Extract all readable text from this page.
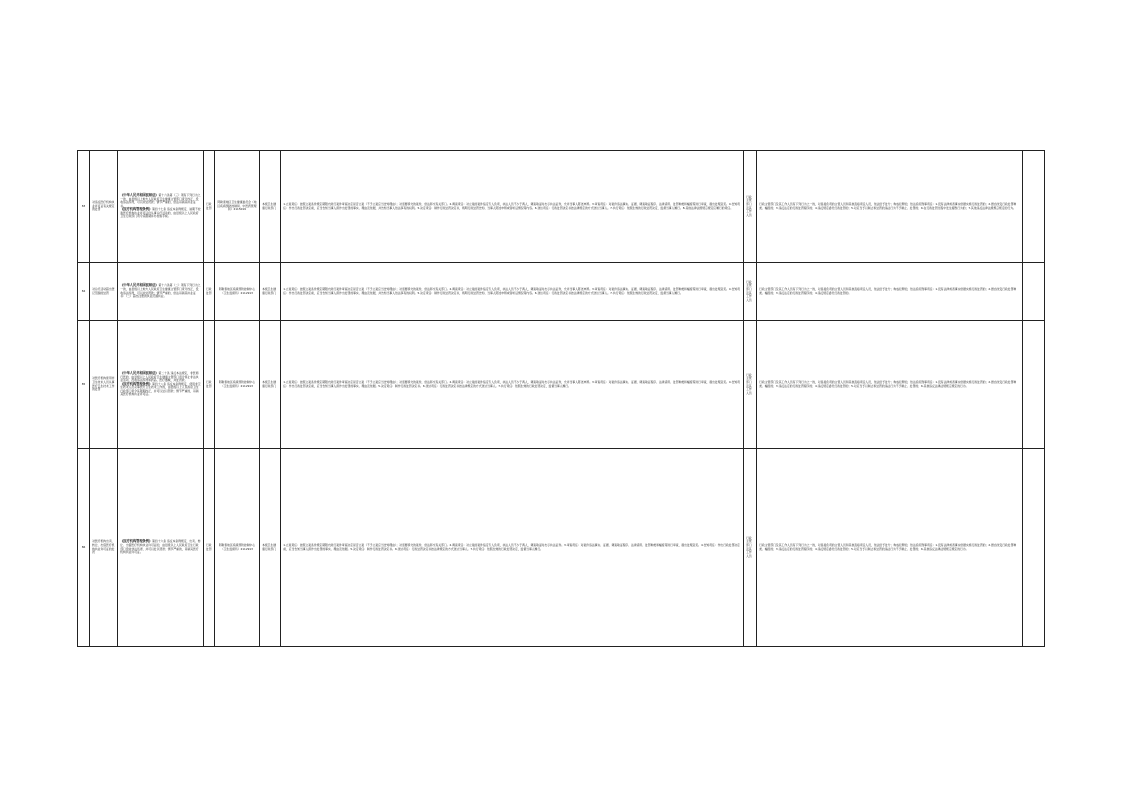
83	对违反医疗机构执业许可证有关规定的处罚	《中华人民共和国医师法》第十六条第（三）项有下列行为之一的，由县级以上地方人民政府卫生健康主管部门责令改正，没收违法所得，可以并处罚款；情节严重的，依法吊销其执业证书。

《医疗机构管理条例》第四十七条 违反本条例规定，逾期不校验医疗机构执业许可证仍从事诊疗活动的，由县级以上人民政府卫生行政部门责令其限期补办校验手续。	行政处罚	阿勒泰地区卫生健康委员会（地区疾病预防控制局、中医药管理局）2115019	本级卫生健康行政部门	1.立案责任：按照立案条件规定期限内进行案件审查决定是否立案（不予立案应当告知理由）；对需要移交的案件，依法移交有关部门。2.调查责任：对立案的案件指定专人负责，执法人员不少于两人，调查取证时出示执法证件，允许当事人陈述申辩。3.审查责任：对案件违法事实、证据、调查取证程序、法律适用、处罚种类和幅度等进行审查，提出处理意见。4.告知责任：作出行政处罚决定前，应当告知当事人拟作出处罚的事实、理由及依据，并告知当事人依法享有的权利。5.决定责任：制作行政处罚决定书，载明行政处罚告知、当事人陈述申辩或者听证情况等内容。6.送达责任：行政处罚决定书按法律规定的方式送达当事人。7.执行责任：依照生效的行政处罚决定，监督当事人履行。8.其他法律法规规章规定应履行的责任。	行政主管部门及其工作人员	行政主管部门及其工作人员有下列行为之一的，对直接负责的主管人员和其他直接责任人员，依法给予处分；构成犯罪的，依法追究刑事责任：1.没有法律或者事实依据实施行政处罚的；2.擅自改变行政处罚种类、幅度的；3.违反法定的行政处罚程序的；4.违反规定委托行政处罚的；5.对应当予以制止和处罚的违法行为不予制止、处罚的；6.在行政处罚过程中发生腐败行为的；7.其他违反法律法规规章规定的行为。	
84	对诊疗活动超出登记范围的处罚	《中华人民共和国医师法》第十六条第（二）项有下列行为之一的，由县级以上地方人民政府卫生健康主管部门责令改正，没收违法所得，可以并处罚款；情节严重的，依法吊销其执业证书：（二）超出注册的执业范围执业。	行政处罚	阿勒泰地区疾病预防控制中心（卫生监督所）2112913	本级卫生健康行政部门	1.立案责任：按照立案条件规定期限内进行案件审查决定是否立案（不予立案应当告知理由）；对需要移交的案件，依法移交有关部门。2.调查责任：对立案的案件指定专人负责，执法人员不少于两人，调查取证时出示执法证件，允许当事人陈述申辩。3.审查责任：对案件违法事实、证据、调查取证程序、法律适用、处罚种类和幅度等进行审查，提出处理意见。4.告知责任：作出行政处罚决定前，应当告知当事人拟作出处罚的事实、理由及依据，并告知当事人依法享有的权利。5.决定责任：制作行政处罚决定书，载明行政处罚告知、当事人陈述申辩或者听证情况等内容。6.送达责任：行政处罚决定书按法律规定的方式送达当事人。7.执行责任：依照生效的行政处罚决定，监督当事人履行。	行政主管部门及其工作人员	行政主管部门及其工作人员有下列行为之一的，对直接负责的主管人员和其他直接责任人员，依法给予处分；构成犯罪的，依法追究刑事责任：1.没有法律或者事实依据实施行政处罚的；2.擅自改变行政处罚种类、幅度的；3.违反法定的行政处罚程序的；4.违反规定委托行政处罚的。	
85	对医疗机构使用非卫生技术人员从事医疗卫生技术工作的处罚	《中华人民共和国医师法》第二十条 违反本法规定，非医师行医的，由县级以上人民政府卫生健康主管部门责令停止非法执业活动，没收违法所得和药品、医疗器械，并处罚款。

《医疗机构管理条例》第四十八条 违反本条例规定，使用非卫生技术人员从事医疗卫生技术工作的，由县级以上人民政府卫生行政部门责令其限期改正，并可以处以罚款；情节严重的，吊销其医疗机构执业许可证。	行政处罚	阿勒泰地区疾病预防控制中心（卫生监督所）2112913	本级卫生健康行政部门	1.立案责任：按照立案条件规定期限内进行案件审查决定是否立案（不予立案应当告知理由）；对需要移交的案件，依法移交有关部门。2.调查责任：对立案的案件指定专人负责，执法人员不少于两人，调查取证时出示执法证件，允许当事人陈述申辩。3.审查责任：对案件违法事实、证据、调查取证程序、法律适用、处罚种类和幅度等进行审查，提出处理意见。4.告知责任：作出行政处罚决定前，应当告知当事人拟作出处罚的事实、理由及依据。5.决定责任：制作行政处罚决定书。6.送达责任：行政处罚决定书按法律规定的方式送达当事人。7.执行责任：依照生效的行政处罚决定，监督当事人履行。	行政主管部门及其工作人员	行政主管部门及其工作人员有下列行为之一的，对直接负责的主管人员和其他直接责任人员，依法给予处分；构成犯罪的，依法追究刑事责任：1.没有法律或者事实依据实施行政处罚的；2.擅自改变行政处罚种类、幅度的；3.违反法定的行政处罚程序的；4.违反规定委托行政处罚的；5.对应当予以制止和处罚的违法行为不予制止、处罚的；6.其他违反法律法规规章规定的行为。	
86	对医疗机构出卖、转让、出借医疗机构执业许可证的处罚	《医疗机构管理条例》第四十六条 违反本条例规定，出卖、转让、出借医疗机构执业许可证的，由县级以上人民政府卫生行政部门没收非法所得，并可以处以罚款；情节严重的，吊销其医疗机构执业许可证。	行政处罚	阿勒泰地区疾病预防控制中心（卫生监督所）2112913	本级卫生健康行政部门	1.立案责任：按照立案条件规定期限内进行案件审查决定是否立案（不予立案应当告知理由）；对需要移交的案件，依法移交有关部门。2.调查责任：对立案的案件指定专人负责，执法人员不少于两人，调查取证时出示执法证件。3.审查责任：对案件违法事实、证据、调查取证程序、法律适用、处罚种类和幅度等进行审查，提出处理意见。4.告知责任：作出行政处罚决定前，应当告知当事人拟作出处罚的事实、理由及依据。5.决定责任：制作行政处罚决定书。6.送达责任：行政处罚决定书按法律规定的方式送达当事人。7.执行责任：依照生效的行政处罚决定，监督当事人履行。	行政主管部门及其工作人员	行政主管部门及其工作人员有下列行为之一的，对直接负责的主管人员和其他直接责任人员，依法给予处分；构成犯罪的，依法追究刑事责任：1.没有法律或者事实依据实施行政处罚的；2.擅自改变行政处罚种类、幅度的；3.违反法定的行政处罚程序的；4.违反规定委托行政处罚的；5.对应当予以制止和处罚的违法行为不予制止、处罚的；6.其他违反法律法规规章规定的行为。	
